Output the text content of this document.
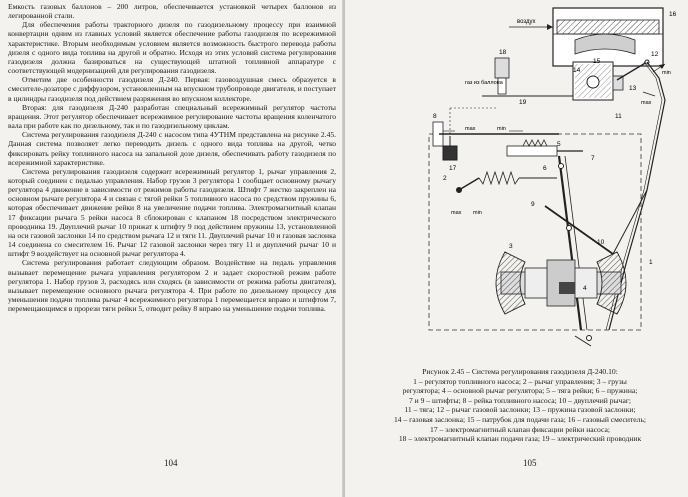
Емкость газовых баллонов – 200 литров, обеспечивается установкой четырех баллонов из легированной стали.

Для обеспечения работы тракторного дизеля по газодизельному процессу при взаимной конвертации одним из главных условий является обеспечение работы газодизеля по всережимной характеристике. Вторым необходимым условием является возможность быстрого перевода работы дизеля с одного вида топлива на другой и обратно. Исходя из этих условий система регулирования газодизеля должна базироваться на существующей штатной топливной аппаратуре с соответствующей модернизацией для регулирования газодизеля.

Отметим две особенности газодизеля Д-240. Первая: газовоздушная смесь образуется в смесителе-дозаторе с диффузором, установленным на впускном трубопроводе двигателя, и поступает в цилиндры газодизеля под действием разряжения во впускном коллекторе.

Вторая: для газодизеля Д-240 разработан специальный всережимный регулятор частоты вращения. Этот регулятор обеспечивает всережимное регулирование частоты вращения коленчатого вала при работе как по дизельному, так и по газодизельному циклам.

Система регулирования газодизеля Д-240 с насосом типа 4УТНМ представлена на рисунке 2.45. Данная система позволяет легко переводить дизель с одного вида топлива на другой, четко фиксировать рейку топливного насоса на запальной дозе дизеля, обеспечивать работу газодизеля по всережимной характеристике.

Система регулирования газодизеля содержит всережимный регулятор 1, рычаг управления 2, который соединен с педалью управления. Набор грузов 3 регулятора 1 сообщает основному рычагу регулятора 4 движение в зависимости от режимов работы газодизеля. Штифт 7 жестко закреплен на основном рычаге регулятора 4 и связан с тягой рейки 5 топливного насоса по средством пружины 6, которая обеспечивает движение рейки 8 на увеличение подачи топлива. Электромагнитный клапан 17 фиксации рычага 5 рейки насоса 8 сблокирован с клапаном 18 посредством электрического проводника 19. Двуплечий рычаг 10 прижат к штифту 9 под действием пружины 13, установленной на оси газовой заслонки 14 по средством рычага 12 и тяги 11. Двуплечий рычаг 10 и газовая заслонка 14 соединена со смесителем 16. Рычаг 12 газовой заслонки через тягу 11 и двуплечий рычаг 10 и штифт 9 воздействует на основной рычаг регулятора 4.

Система регулирования работает следующим образом. Воздействие на педаль управления вызывает перемещение рычага управления регулятором 2 и задает скоростной режим работе регулятора 1. Набор грузов 3, расходясь или сходясь (в зависимости от режима работы двигателя), вызывает перемещение основного рычага регулятора 4. При работе по дизельному процессу для уменьшения подачи топлива рычаг 4 всережимного регулятора 1 перемещается вправо и штифтом 7, перемещающимся в прорези тяги рейки 5, отводит рейку 8 вправо на уменьшение подачи топлива.

104
воздух
газ из баллона
min
max
max	min
max min
16
15
14
13
12
11
18
19
8
17
5
6
7
2
9
10
3
4
1
Рисунок 2.45 – Система регулирования газодизеля Д-240.10:
1 – регулятор топливного насоса; 2 – рычаг управления; 3 – грузы
регулятора; 4 – основной рычаг регулятора; 5 – тяга рейки; 6 – пружина;
7 и 9 – штифты; 8 – рейка топливного насоса; 10 – двуплечий рычаг;
11 – тяга; 12 – рычаг газовой заслонки; 13 – пружина газовой заслонки;
14 – газовая заслонка; 15 – патрубок для подачи газа; 16 – газовый смеситель;
17 – электромагнитный клапан фиксации рейки насоса;
18 – электромагнитный клапан подачи газа; 19 – электрический проводник
105
